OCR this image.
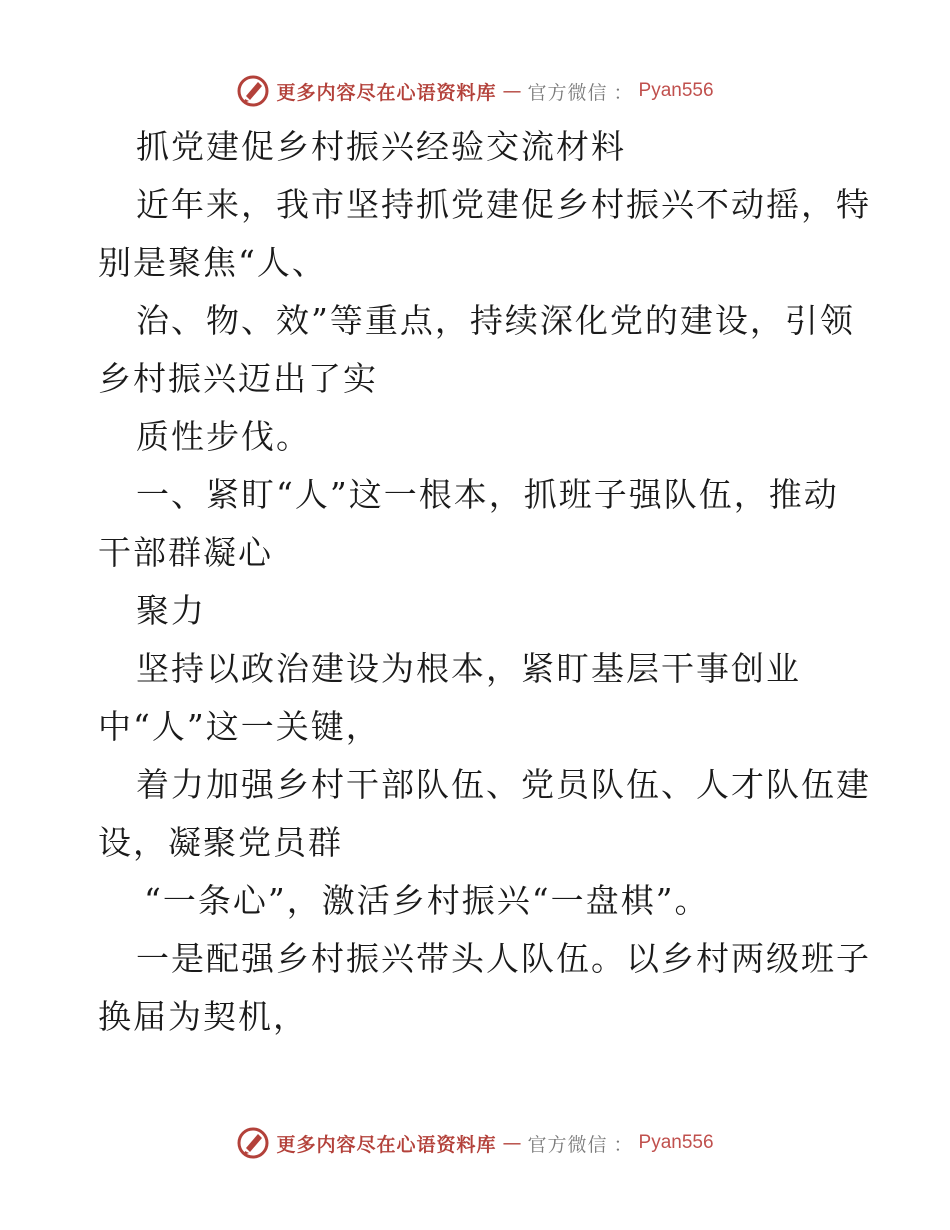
更多内容尽在心语资料库 — 官方微信 ： Pyan556

抓党建促乡村振兴经验交流材料

近年来，我市坚持抓党建促乡村振兴不动摇，特

别是聚焦“人、

治、物、效”等重点，持续深化党的建设，引领

乡村振兴迈出了实

质性步伐。

一、紧盯“人”这一根本，抓班子强队伍，推动

干部群凝心

聚力

坚持以政治建设为根本，紧盯基层干事创业

中“人”这一关键，

着力加强乡村干部队伍、党员队伍、人才队伍建

设，凝聚党员群

“一条心”，激活乡村振兴“一盘棋”。

一是配强乡村振兴带头人队伍。以乡村两级班子

换届为契机，

更多内容尽在心语资料库 — 官方微信 ： Pyan556
